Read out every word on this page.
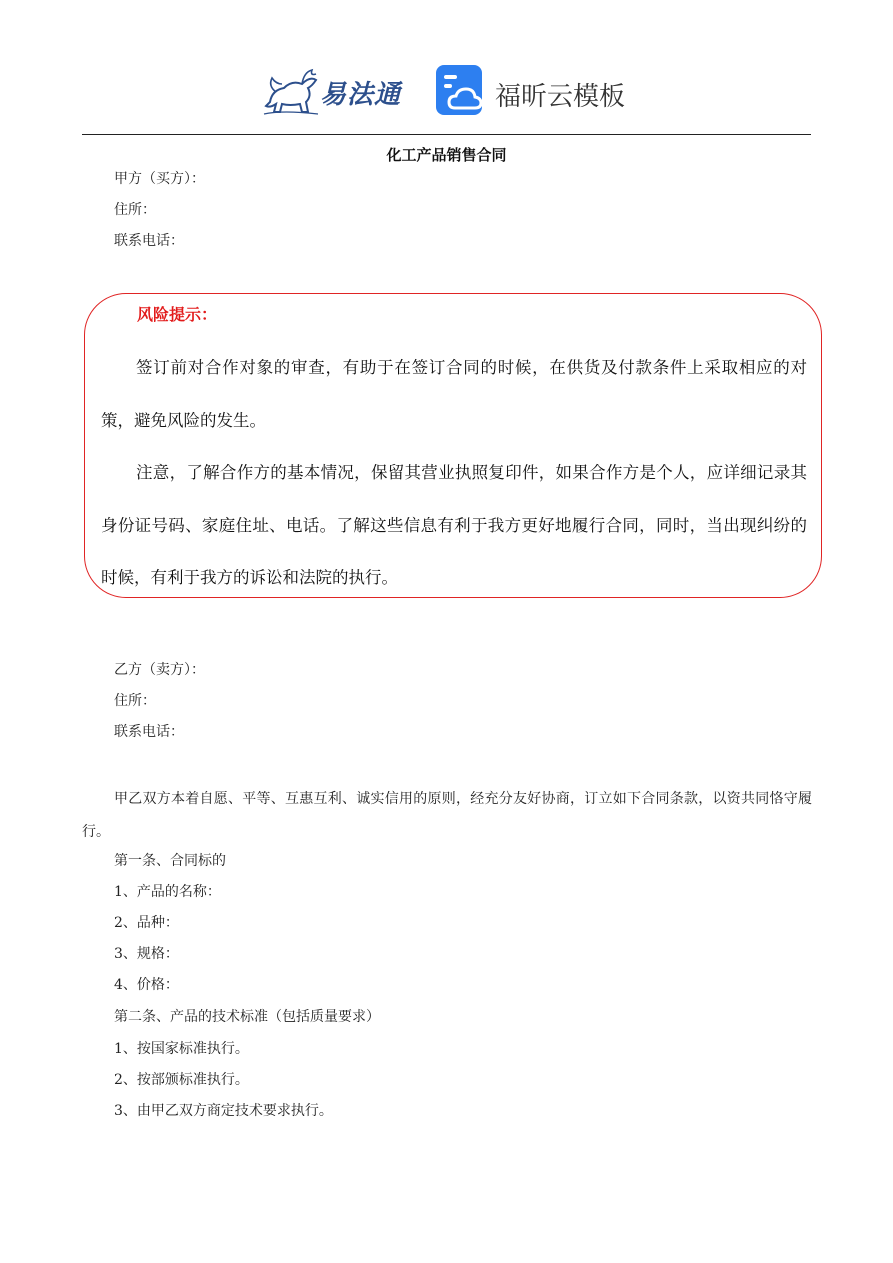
易法通	福昕云模板
化工产品销售合同
甲方（买方）：
住所：
联系电话：
风险提示：

签订前对合作对象的审查，有助于在签订合同的时候，在供货及付款条件上采取相应的对策，避免风险的发生。

注意，了解合作方的基本情况，保留其营业执照复印件，如果合作方是个人，应详细记录其身份证号码、家庭住址、电话。了解这些信息有利于我方更好地履行合同，同时，当出现纠纷的时候，有利于我方的诉讼和法院的执行。

乙方（卖方）：
住所：
联系电话：
甲乙双方本着自愿、平等、互惠互利、诚实信用的原则，经充分友好协商，订立如下合同条款，以资共同恪守履行。
第一条、合同标的
1、产品的名称：
2、品种：
3、规格：
4、价格：
第二条、产品的技术标准（包括质量要求）
1、按国家标准执行。
2、按部颁标准执行。
3、由甲乙双方商定技术要求执行。
